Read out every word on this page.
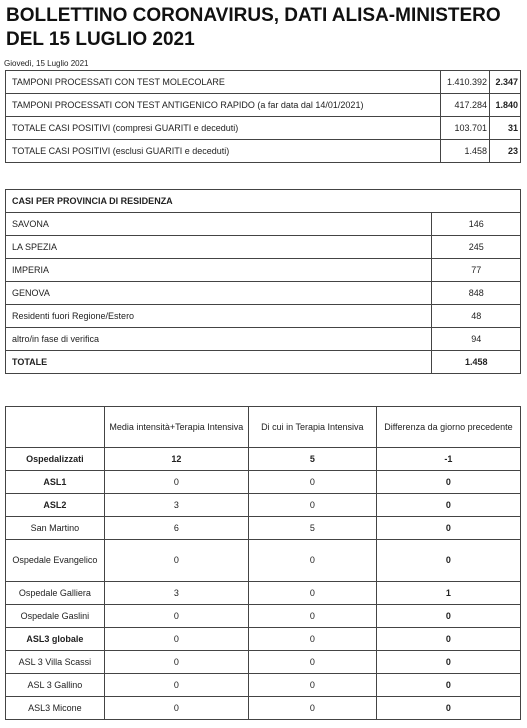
BOLLETTINO CORONAVIRUS, DATI ALISA-MINISTERO DEL 15 LUGLIO 2021
Giovedì, 15 Luglio 2021
TAMPONI PROCESSATI CON TEST MOLECOLARE	1.410.392	2.347
TAMPONI PROCESSATI CON TEST ANTIGENICO RAPIDO (a far data dal 14/01/2021)	417.284	1.840
TOTALE CASI POSITIVI (compresi GUARITI e deceduti)	103.701	31
TOTALE CASI POSITIVI (esclusi GUARITI e deceduti)	1.458	23
CASI PER PROVINCIA DI RESIDENZA	
SAVONA	146
LA SPEZIA	245
IMPERIA	77
GENOVA	848
Residenti fuori Regione/Estero	48
altro/in fase di verifica	94
TOTALE	1.458
	Media intensità+Terapia Intensiva	Di cui in Terapia Intensiva	Differenza da giorno precedente
Ospedalizzati	12	5	-1
ASL1	0	0	0
ASL2	3	0	0
San Martino	6	5	0
Ospedale Evangelico	0	0	0
Ospedale Galliera	3	0	1
Ospedale Gaslini	0	0	0
ASL3 globale	0	0	0
ASL 3 Villa Scassi	0	0	0
ASL 3 Gallino	0	0	0
ASL3 Micone	0	0	0
